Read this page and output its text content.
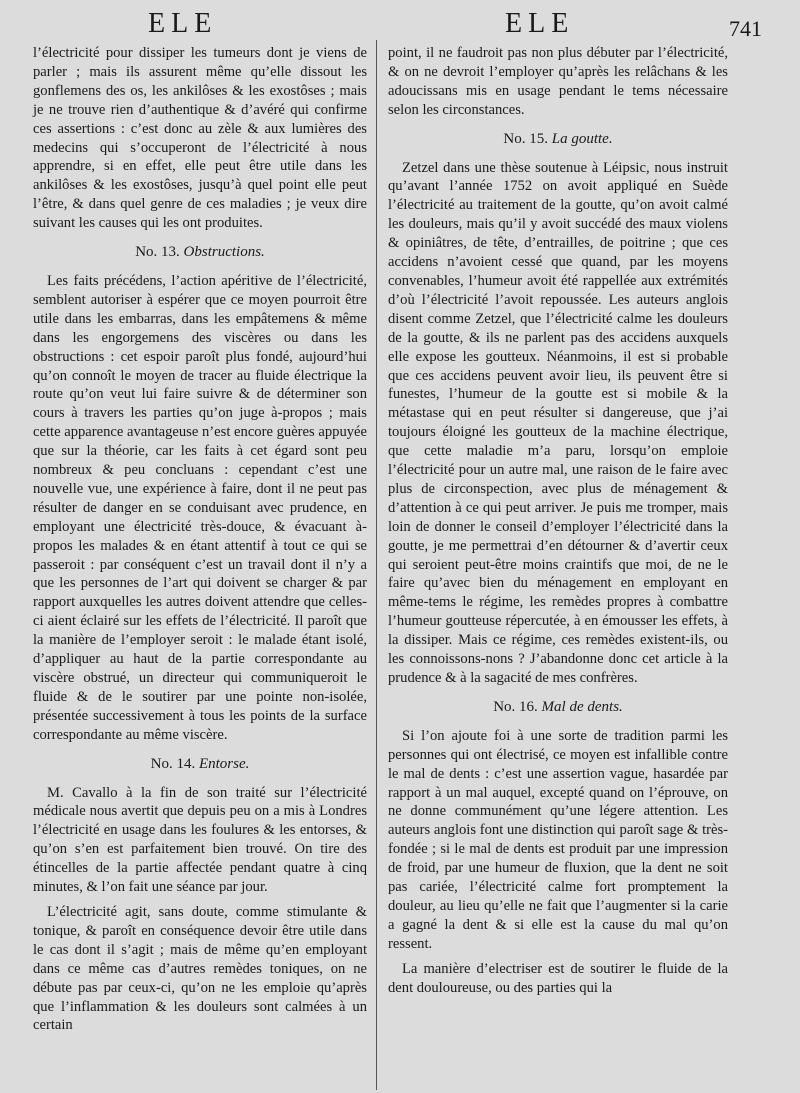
ELE	ELE	741

l’électricité pour dissiper les tumeurs dont je viens de parler ; mais ils assurent même qu’elle dissout les gonflemens des os, les ankilôses & les exostôses ; mais je ne trouve rien d’authentique & d’avéré qui confirme ces assertions : c’est donc au zèle & aux lumières des medecins qui s’occuperont de l’électricité à nous apprendre, si en effet, elle peut être utile dans les ankilôses & les exostôses, jusqu’à quel point elle peut l’être, & dans quel genre de ces maladies ; je veux dire suivant les causes qui les ont produites.

No. 13. Obstructions.

Les faits précédens, l’action apéritive de l’électricité, semblent autoriser à espérer que ce moyen pourroit être utile dans les embarras, dans les empâtemens & même dans les engorgemens des viscères ou dans les obstructions : cet espoir paroît plus fondé, aujourd’hui qu’on connoît le moyen de tracer au fluide électrique la route qu’on veut lui faire suivre & de déterminer son cours à travers les parties qu’on juge à-propos ; mais cette apparence avantageuse n’est encore guères appuyée que sur la théorie, car les faits à cet égard sont peu nombreux & peu concluans : cependant c’est une nouvelle vue, une expérience à faire, dont il ne peut pas résulter de danger en se conduisant avec prudence, en employant une électricité très-douce, & évacuant à-propos les malades & en étant attentif à tout ce qui se passeroit : par conséquent c’est un travail dont il n’y a que les personnes de l’art qui doivent se charger & par rapport auxquelles les autres doivent attendre que celles-ci aient éclairé sur les effets de l’électricité. Il paroît que la manière de l’employer seroit : le malade étant isolé, d’appliquer au haut de la partie correspondante au viscère obstrué, un directeur qui communiqueroit le fluide & de le soutirer par une pointe non-isolée, présentée successivement à tous les points de la surface correspondante au même viscère.

No. 14. Entorse.

M. Cavallo à la fin de son traité sur l’électricité médicale nous avertit que depuis peu on a mis à Londres l’électricité en usage dans les foulures & les entorses, & qu’on s’en est parfaitement bien trouvé. On tire des étincelles de la partie affectée pendant quatre à cinq minutes, & l’on fait une séance par jour.

L’électricité agit, sans doute, comme stimulante & tonique, & paroît en conséquence devoir être utile dans le cas dont il s’agit ; mais de même qu’en employant dans ce même cas d’autres remèdes toniques, on ne débute pas par ceux-ci, qu’on ne les emploie qu’après que l’inflammation & les douleurs sont calmées à un certain

point, il ne faudroit pas non plus débuter par l’électricité, & on ne devroit l’employer qu’après les relâchans & les adoucissans mis en usage pendant le tems nécessaire selon les circonstances.

No. 15. La goutte.

Zetzel dans une thèse soutenue à Léipsic, nous instruit qu’avant l’année 1752 on avoit appliqué en Suède l’électricité au traitement de la goutte, qu’on avoit calmé les douleurs, mais qu’il y avoit succédé des maux violens & opiniâtres, de tête, d’entrailles, de poitrine ; que ces accidens n’avoient cessé que quand, par les moyens convenables, l’humeur avoit été rappellée aux extrémités d’où l’électricité l’avoit repoussée. Les auteurs anglois disent comme Zetzel, que l’électricité calme les douleurs de la goutte, & ils ne parlent pas des accidens auxquels elle expose les goutteux. Néanmoins, il est si probable que ces accidens peuvent avoir lieu, ils peuvent être si funestes, l’humeur de la goutte est si mobile & la métastase qui en peut résulter si dangereuse, que j’ai toujours éloigné les goutteux de la machine électrique, que cette maladie m’a paru, lorsqu’on emploie l’électricité pour un autre mal, une raison de le faire avec plus de circonspection, avec plus de ménagement & d’attention à ce qui peut arriver. Je puis me tromper, mais loin de donner le conseil d’employer l’électricité dans la goutte, je me permettrai d’en détourner & d’avertir ceux qui seroient peut-être moins craintifs que moi, de ne le faire qu’avec bien du ménagement en employant en même-tems le régime, les remèdes propres à combattre l’humeur goutteuse répercutée, à en émousser les effets, à la dissiper. Mais ce régime, ces remèdes existent-ils, ou les connoissons-nons ? J’abandonne donc cet article à la prudence & à la sagacité de mes confrères.

No. 16. Mal de dents.

Si l’on ajoute foi à une sorte de tradition parmi les personnes qui ont électrisé, ce moyen est infallible contre le mal de dents : c’est une assertion vague, hasardée par rapport à un mal auquel, excepté quand on l’éprouve, on ne donne communément qu’une légere attention. Les auteurs anglois font une distinction qui paroît sage & très-fondée ; si le mal de dents est produit par une impression de froid, par une humeur de fluxion, que la dent ne soit pas cariée, l’électricité calme fort promptement la douleur, au lieu qu’elle ne fait que l’augmenter si la carie a gagné la dent & si elle est la cause du mal qu’on ressent.

La manière d’electriser est de soutirer le fluide de la dent douloureuse, ou des parties qui la
